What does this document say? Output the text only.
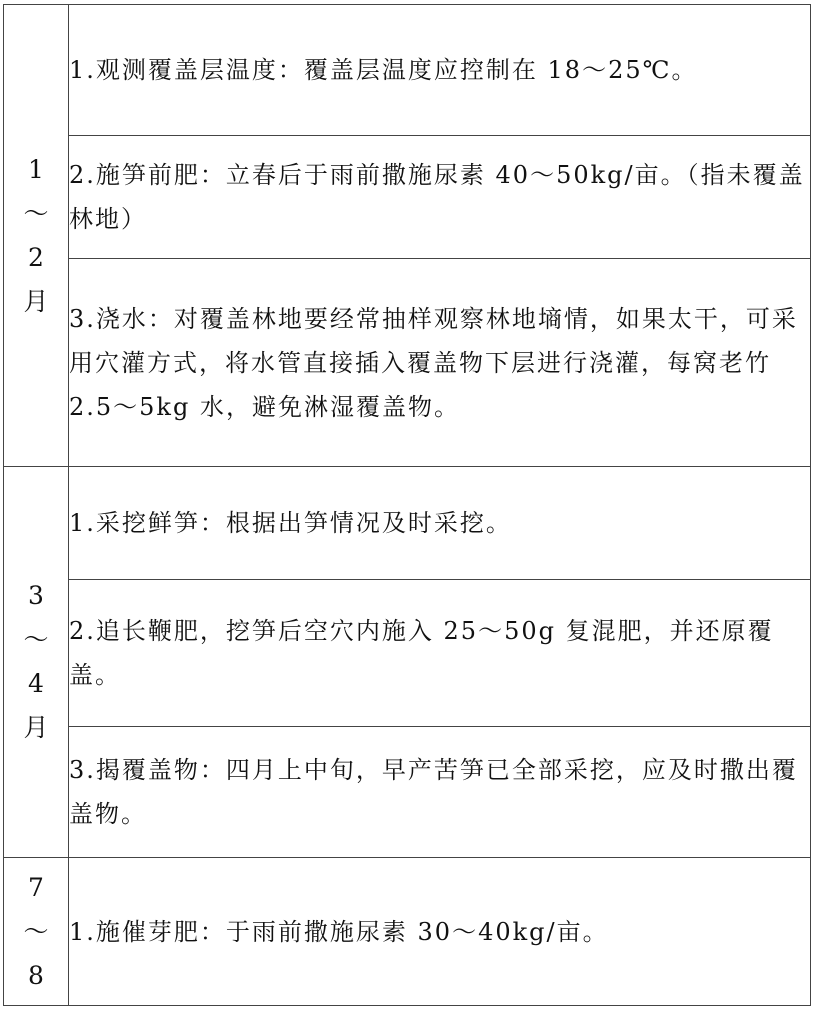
1
～
2
月	1.观测覆盖层温度：覆盖层温度应控制在 18～25℃。

	2.施笋前肥：立春后于雨前撒施尿素 40～50kg/亩。（指未覆盖林地）

	3.浇水：对覆盖林地要经常抽样观察林地墒情，如果太干，可采用穴灌方式，将水管直接插入覆盖物下层进行浇灌，每窝老竹 2.5～5kg 水，避免淋湿覆盖物。

3
～
4
月	1.采挖鲜笋：根据出笋情况及时采挖。

	2.追长鞭肥，挖笋后空穴内施入 25～50g 复混肥，并还原覆盖。

	3.揭覆盖物：四月上中旬，早产苦笋已全部采挖，应及时撒出覆盖物。

7
～
8	1.施催芽肥：于雨前撒施尿素 30～40kg/亩。
